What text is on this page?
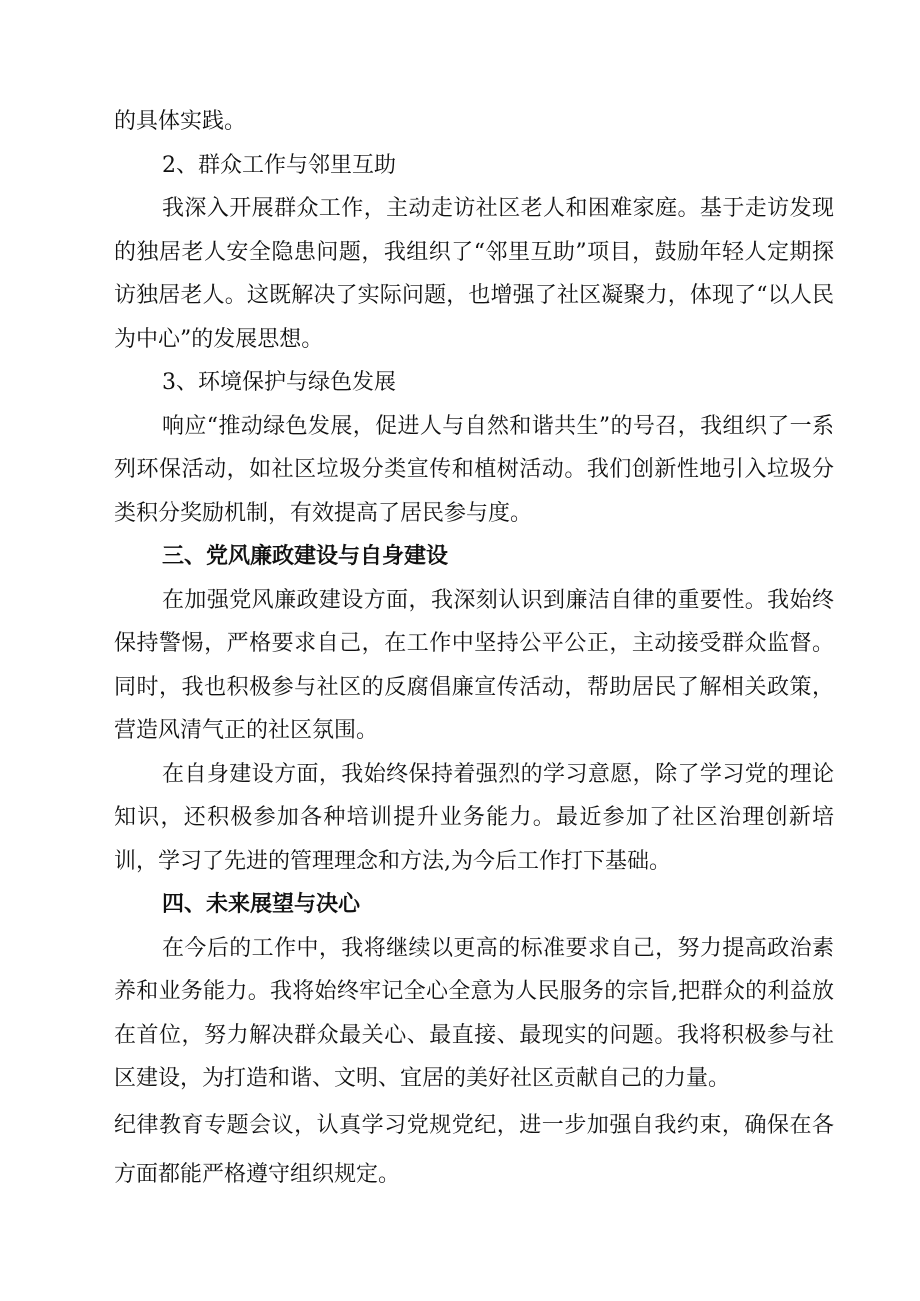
的具体实践。

2、群众工作与邻里互助

我深入开展群众工作，主动走访社区老人和困难家庭。基于走访发现的独居老人安全隐患问题，我组织了“邻里互助”项目，鼓励年轻人定期探访独居老人。这既解决了实际问题，也增强了社区凝聚力，体现了“以人民为中心”的发展思想。

3、环境保护与绿色发展

响应“推动绿色发展，促进人与自然和谐共生”的号召，我组织了一系列环保活动，如社区垃圾分类宣传和植树活动。我们创新性地引入垃圾分类积分奖励机制，有效提高了居民参与度。

三、党风廉政建设与自身建设

在加强党风廉政建设方面，我深刻认识到廉洁自律的重要性。我始终保持警惕，严格要求自己，在工作中坚持公平公正，主动接受群众监督。同时，我也积极参与社区的反腐倡廉宣传活动，帮助居民了解相关政策，营造风清气正的社区氛围。

在自身建设方面，我始终保持着强烈的学习意愿，除了学习党的理论知识，还积极参加各种培训提升业务能力。最近参加了社区治理创新培训，学习了先进的管理理念和方法,为今后工作打下基础。

四、未来展望与决心

在今后的工作中，我将继续以更高的标准要求自己，努力提高政治素养和业务能力。我将始终牢记全心全意为人民服务的宗旨,把群众的利益放在首位，努力解决群众最关心、最直接、最现实的问题。我将积极参与社区建设，为打造和谐、文明、宜居的美好社区贡献自己的力量。

纪律教育专题会议，认真学习党规党纪，进一步加强自我约束，确保在各方面都能严格遵守组织规定。
